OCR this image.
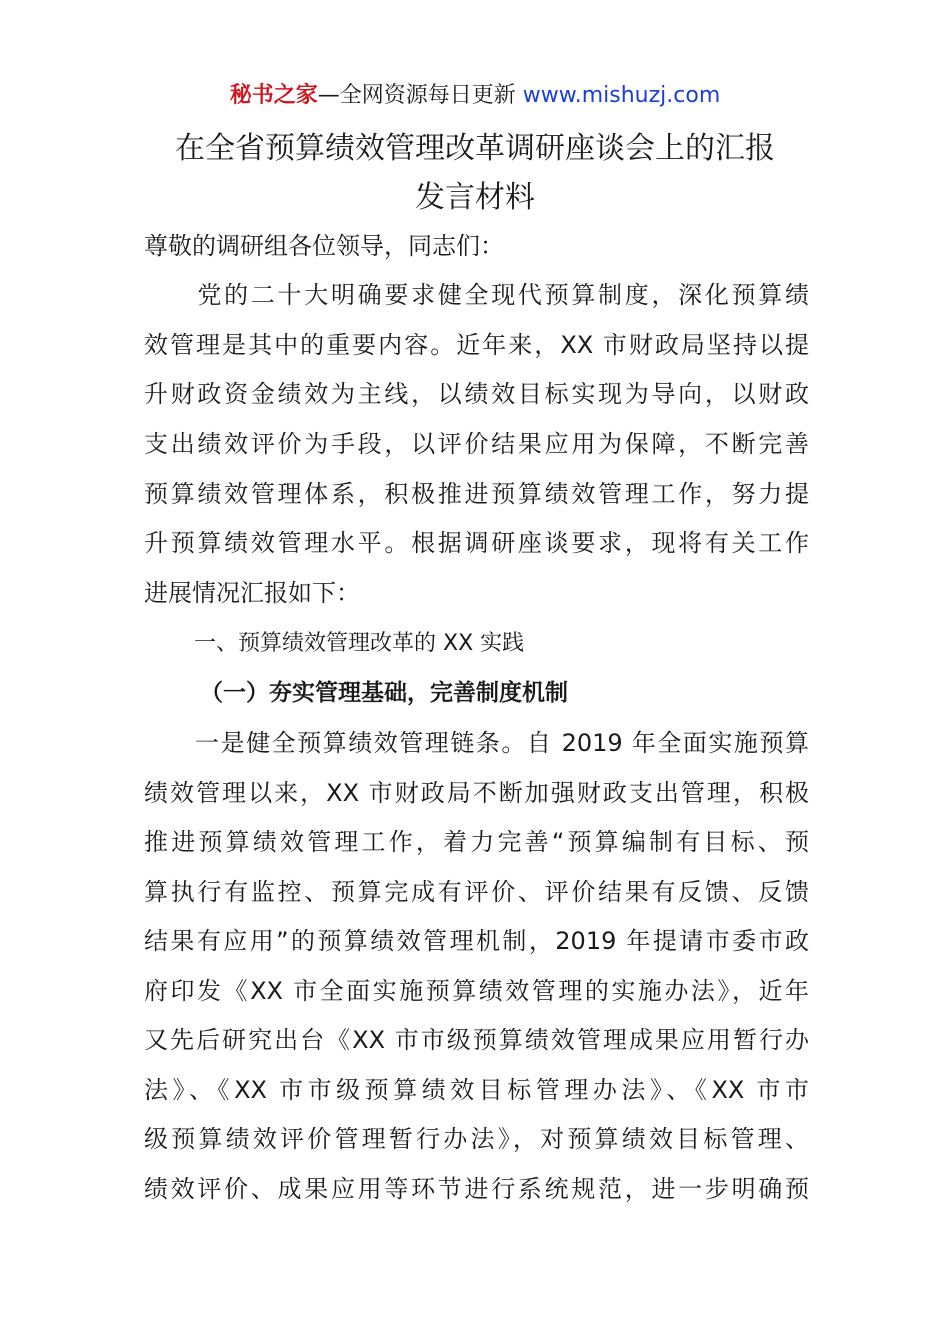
秘书之家—全网资源每日更新 www.mishuzj.com
在全省预算绩效管理改革调研座谈会上的汇报
发言材料
尊敬的调研组各位领导，同志们：
　　党的二十大明确要求健全现代预算制度，深化预算绩
效管理是其中的重要内容。近年来，XX 市财政局坚持以提
升财政资金绩效为主线，以绩效目标实现为导向，以财政
支出绩效评价为手段，以评价结果应用为保障，不断完善
预算绩效管理体系，积极推进预算绩效管理工作，努力提
升预算绩效管理水平。根据调研座谈要求，现将有关工作
进展情况汇报如下：
一、预算绩效管理改革的 XX 实践
（一）夯实管理基础，完善制度机制
　　一是健全预算绩效管理链条。自 2019 年全面实施预算
绩效管理以来，XX 市财政局不断加强财政支出管理，积极
推进预算绩效管理工作，着力完善“预算编制有目标、预
算执行有监控、预算完成有评价、评价结果有反馈、反馈
结果有应用”的预算绩效管理机制，2019 年提请市委市政
府印发《XX 市全面实施预算绩效管理的实施办法》，近年
又先后研究出台《XX 市市级预算绩效管理成果应用暂行办
法》、《XX 市市级预算绩效目标管理办法》、《XX 市市
级预算绩效评价管理暂行办法》，对预算绩效目标管理、
绩效评价、成果应用等环节进行系统规范，进一步明确预
